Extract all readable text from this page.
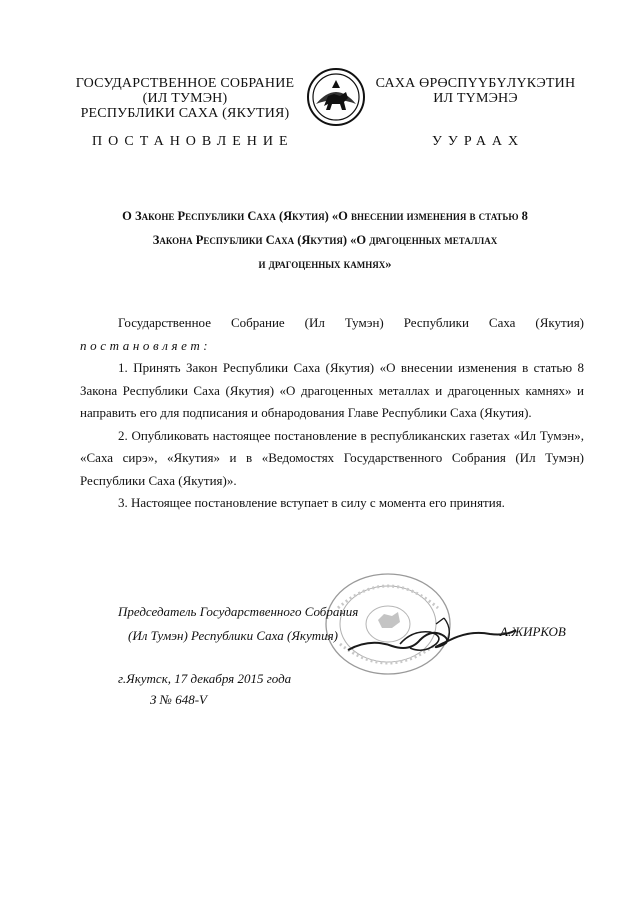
ГОСУДАРСТВЕННОЕ СОБРАНИЕ
(ИЛ ТУМЭН)
РЕСПУБЛИКИ САХА (ЯКУТИЯ)
САХА ӨРӨСПҮҮБҮЛҮКЭТИН
ИЛ ТҮМЭНЭ
ПОСТАНОВЛЕНИЕ	УУРААХ
О Законе Республики Саха (Якутия) «О внесении изменения в статью 8
Закона Республики Саха (Якутия) «О драгоценных металлах
и драгоценных камнях»

Государственное Собрание (Ил Тумэн) Республики Саха (Якутия)

постановляет:

1. Принять Закон Республики Саха (Якутия) «О внесении изменения в статью 8 Закона Республики Саха (Якутия) «О драгоценных металлах и драгоценных камнях» и направить его для подписания и обнародования Главе Республики Саха (Якутия).

2. Опубликовать настоящее постановление в республиканских газетах «Ил Тумэн», «Саха сирэ», «Якутия» и в «Ведомостях Государственного Собрания (Ил Тумэн) Республики Саха (Якутия)».

3. Настоящее постановление вступает в силу с момента его принятия.

Председатель Государственного Собрания
(Ил Тумэн) Республики Саха (Якутия)	А.ЖИРКОВ
г.Якутск, 17 декабря 2015 года
З № 648-V
